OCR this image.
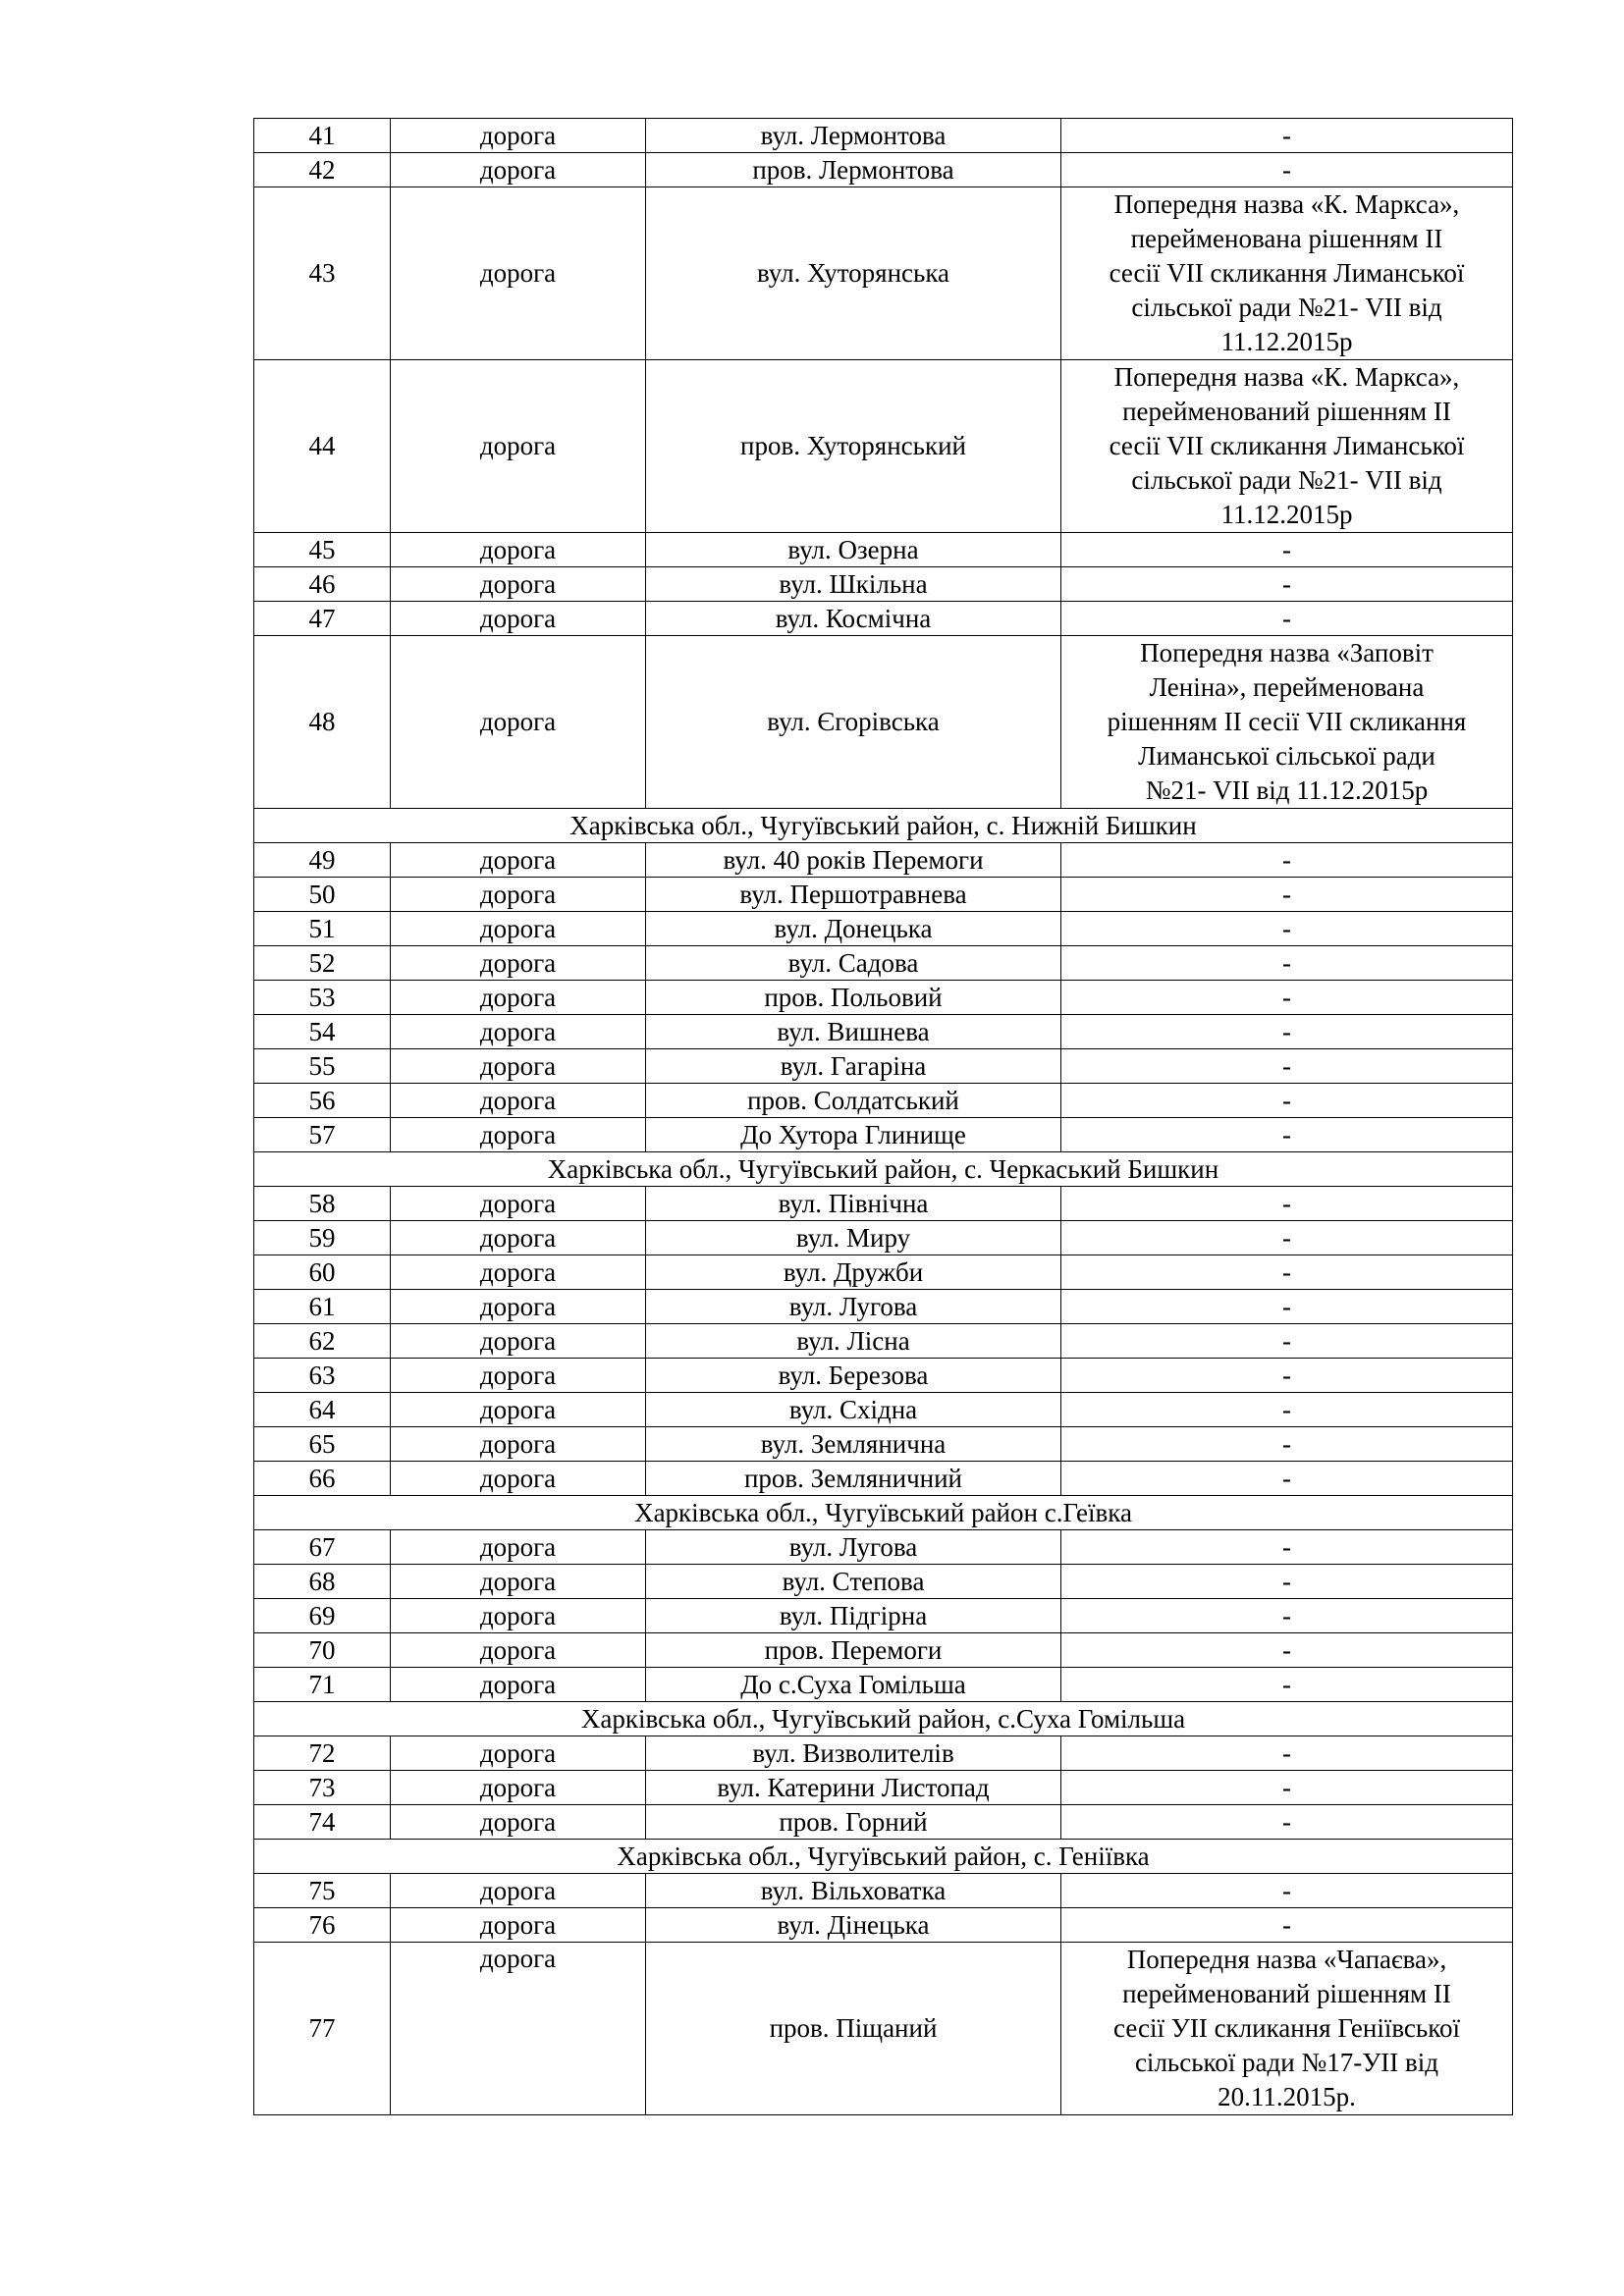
41	дорога	вул. Лермонтова	-
42	дорога	пров. Лермонтова	-
43	дорога	вул. Хуторянська	Попередня назва «К. Маркса»,
перейменована рішенням II
сесії VII скликання Лиманської
сільської ради №21- VII від
11.12.2015р
44	дорога	пров. Хуторянський	Попередня назва «К. Маркса»,
перейменований рішенням II
сесії VII скликання Лиманської
сільської ради №21- VII від
11.12.2015р
45	дорога	вул. Озерна	-
46	дорога	вул. Шкільна	-
47	дорога	вул. Космічна	-
48	дорога	вул. Єгорівська	Попередня назва «Заповіт
Леніна», перейменована
рішенням II сесії VII скликання
Лиманської сільської ради
№21- VII від 11.12.2015р
Харківська обл., Чугуївський район, с. Нижній Бишкин			
49	дорога	вул. 40 років Перемоги	-
50	дорога	вул. Першотравнева	-
51	дорога	вул. Донецька	-
52	дорога	вул. Садова	-
53	дорога	пров. Польовий	-
54	дорога	вул. Вишнева	-
55	дорога	вул. Гагаріна	-
56	дорога	пров. Солдатський	-
57	дорога	До Хутора Глинище	-
Харківська обл., Чугуївський район, с. Черкаський Бишкин			
58	дорога	вул. Північна	-
59	дорога	вул. Миру	-
60	дорога	вул. Дружби	-
61	дорога	вул. Лугова	-
62	дорога	вул. Лісна	-
63	дорога	вул. Березова	-
64	дорога	вул. Східна	-
65	дорога	вул. Землянична	-
66	дорога	пров. Земляничний	-
Харківська обл., Чугуївський район с.Геївка			
67	дорога	вул. Лугова	-
68	дорога	вул. Степова	-
69	дорога	вул. Підгірна	-
70	дорога	пров. Перемоги	-
71	дорога	До с.Суха Гомільша	-
Харківська обл., Чугуївський район, с.Суха Гомільша			
72	дорога	вул. Визволителів	-
73	дорога	вул. Катерини Листопад	-
74	дорога	пров. Горний	-
Харківська обл., Чугуївський район, с. Геніївка			
75	дорога	вул. Вільховатка	-
76	дорога	вул. Дінецька	-
77	дорога	пров. Піщаний	Попередня назва «Чапаєва»,
перейменований рішенням II
сесії УII скликання Геніївської
сільської ради №17-УII від
20.11.2015р.
